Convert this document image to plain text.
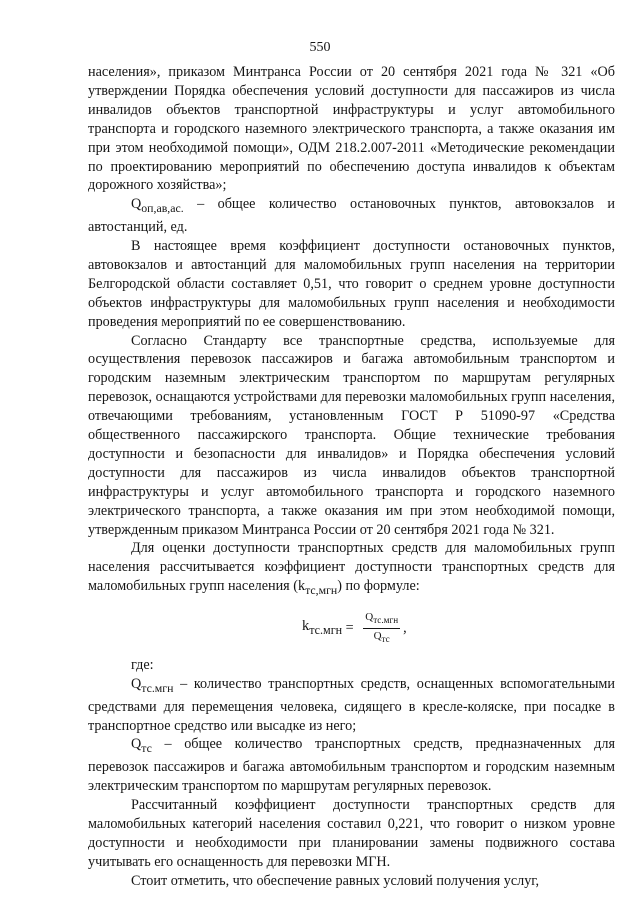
550

населения», приказом Минтранса России от 20 сентября 2021 года № 321 «Об утверждении Порядка обеспечения условий доступности для пассажиров из числа инвалидов объектов транспортной инфраструктуры и услуг автомобильного транспорта и городского наземного электрического транспорта, а также оказания им при этом необходимой помощи», ОДМ 218.2.007-2011 «Методические рекомендации по проектированию мероприятий по обеспечению доступа инвалидов к объектам дорожного хозяйства»;

$Q_{оп,ав,ас.}$ – общее количество остановочных пунктов, автовокзалов и автостанций, ед.

В настоящее время коэффициент доступности остановочных пунктов, автовокзалов и автостанций для маломобильных групп населения на территории Белгородской области составляет 0,51, что говорит о среднем уровне доступности объектов инфраструктуры для маломобильных групп населения и необходимости проведения мероприятий по ее совершенствованию.

Согласно Стандарту все транспортные средства, используемые для осуществления перевозок пассажиров и багажа автомобильным транспортом и городским наземным электрическим транспортом по маршрутам регулярных перевозок, оснащаются устройствами для перевозки маломобильных групп населения, отвечающими требованиям, установленным ГОСТ Р 51090-97 «Средства общественного пассажирского транспорта. Общие технические требования доступности и безопасности для инвалидов» и Порядка обеспечения условий доступности для пассажиров из числа инвалидов объектов транспортной инфраструктуры и услуг автомобильного транспорта и городского наземного электрического транспорта, а также оказания им при этом необходимой помощи, утвержденным приказом Минтранса России от 20 сентября 2021 года № 321.

Для оценки доступности транспортных средств для маломобильных групп населения рассчитывается коэффициент доступности транспортных средств для маломобильных групп населения $(k_{тс,мгн})$ по формуле:

$k_{тс.мгн} = \frac{Q_{тс.мгн}}{Q_{тс}}$ ,

где:

$Q_{тс.мгн}$ – количество транспортных средств, оснащенных вспомогательными средствами для перемещения человека, сидящего в кресле-коляске, при посадке в транспортное средство или высадке из него;

$Q_{тс}$ – общее количество транспортных средств, предназначенных для перевозок пассажиров и багажа автомобильным транспортом и городским наземным электрическим транспортом по маршрутам регулярных перевозок.

Рассчитанный коэффициент доступности транспортных средств для маломобильных категорий населения составил 0,221, что говорит о низком уровне доступности и необходимости при планировании замены подвижного состава учитывать его оснащенность для перевозки МГН.

Стоит отметить, что обеспечение равных условий получения услуг,
